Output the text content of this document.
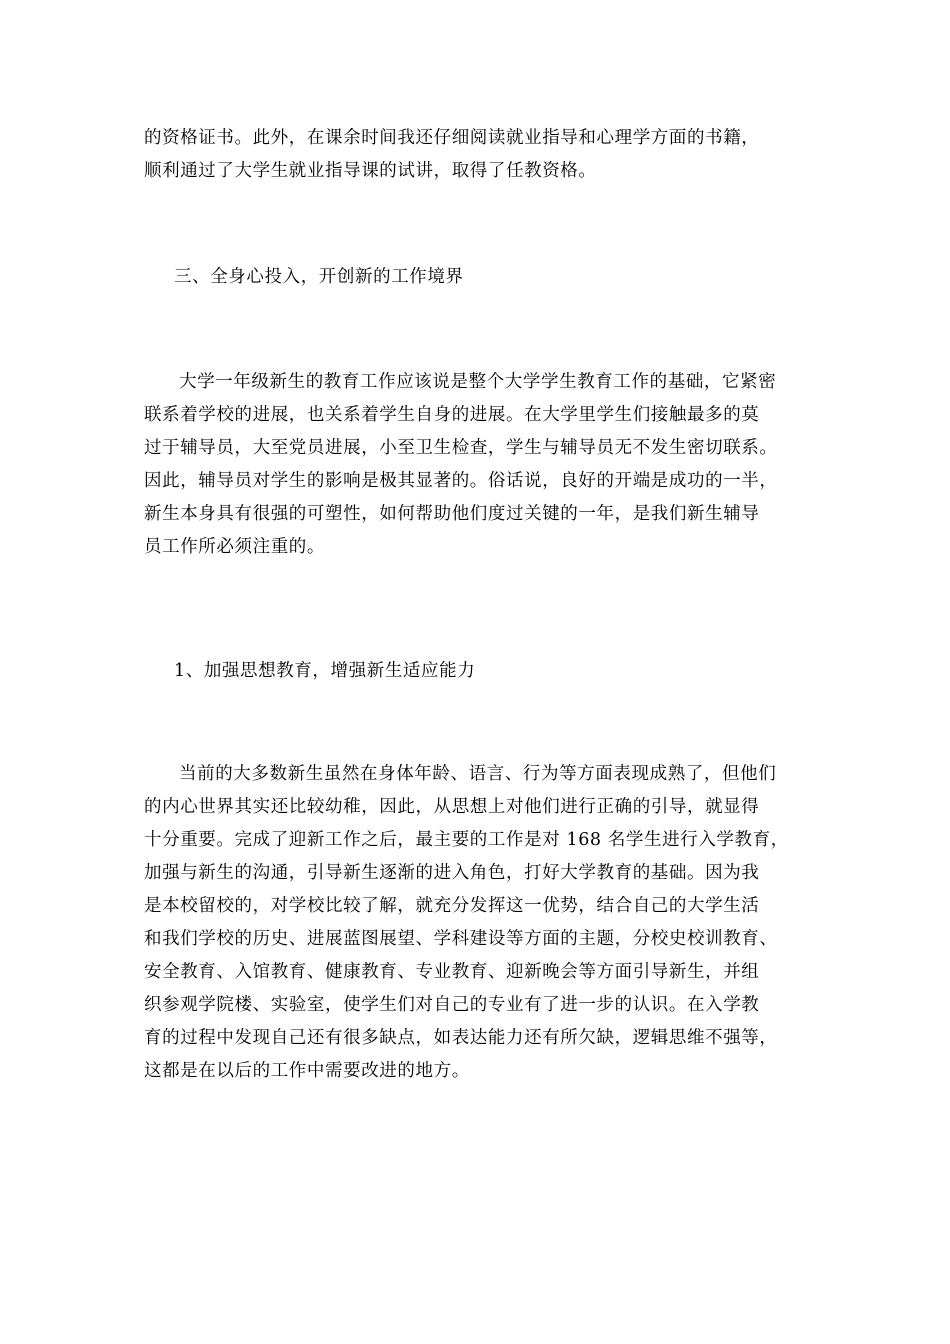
的资格证书。此外，在课余时间我还仔细阅读就业指导和心理学方面的书籍，
顺利通过了大学生就业指导课的试讲，取得了任教资格。

三、全身心投入，开创新的工作境界

大学一年级新生的教育工作应该说是整个大学学生教育工作的基础，它紧密
联系着学校的进展，也关系着学生自身的进展。在大学里学生们接触最多的莫
过于辅导员，大至党员进展，小至卫生检查，学生与辅导员无不发生密切联系。
因此，辅导员对学生的影响是极其显著的。俗话说，良好的开端是成功的一半，
新生本身具有很强的可塑性，如何帮助他们度过关键的一年，是我们新生辅导
员工作所必须注重的。

1、加强思想教育，增强新生适应能力

当前的大多数新生虽然在身体年龄、语言、行为等方面表现成熟了，但他们
的内心世界其实还比较幼稚，因此，从思想上对他们进行正确的引导，就显得
十分重要。完成了迎新工作之后，最主要的工作是对 168 名学生进行入学教育，
加强与新生的沟通，引导新生逐渐的进入角色，打好大学教育的基础。因为我
是本校留校的，对学校比较了解，就充分发挥这一优势，结合自己的大学生活
和我们学校的历史、进展蓝图展望、学科建设等方面的主题，分校史校训教育、
安全教育、入馆教育、健康教育、专业教育、迎新晚会等方面引导新生，并组
织参观学院楼、实验室，使学生们对自己的专业有了进一步的认识。在入学教
育的过程中发现自己还有很多缺点，如表达能力还有所欠缺，逻辑思维不强等，
这都是在以后的工作中需要改进的地方。
